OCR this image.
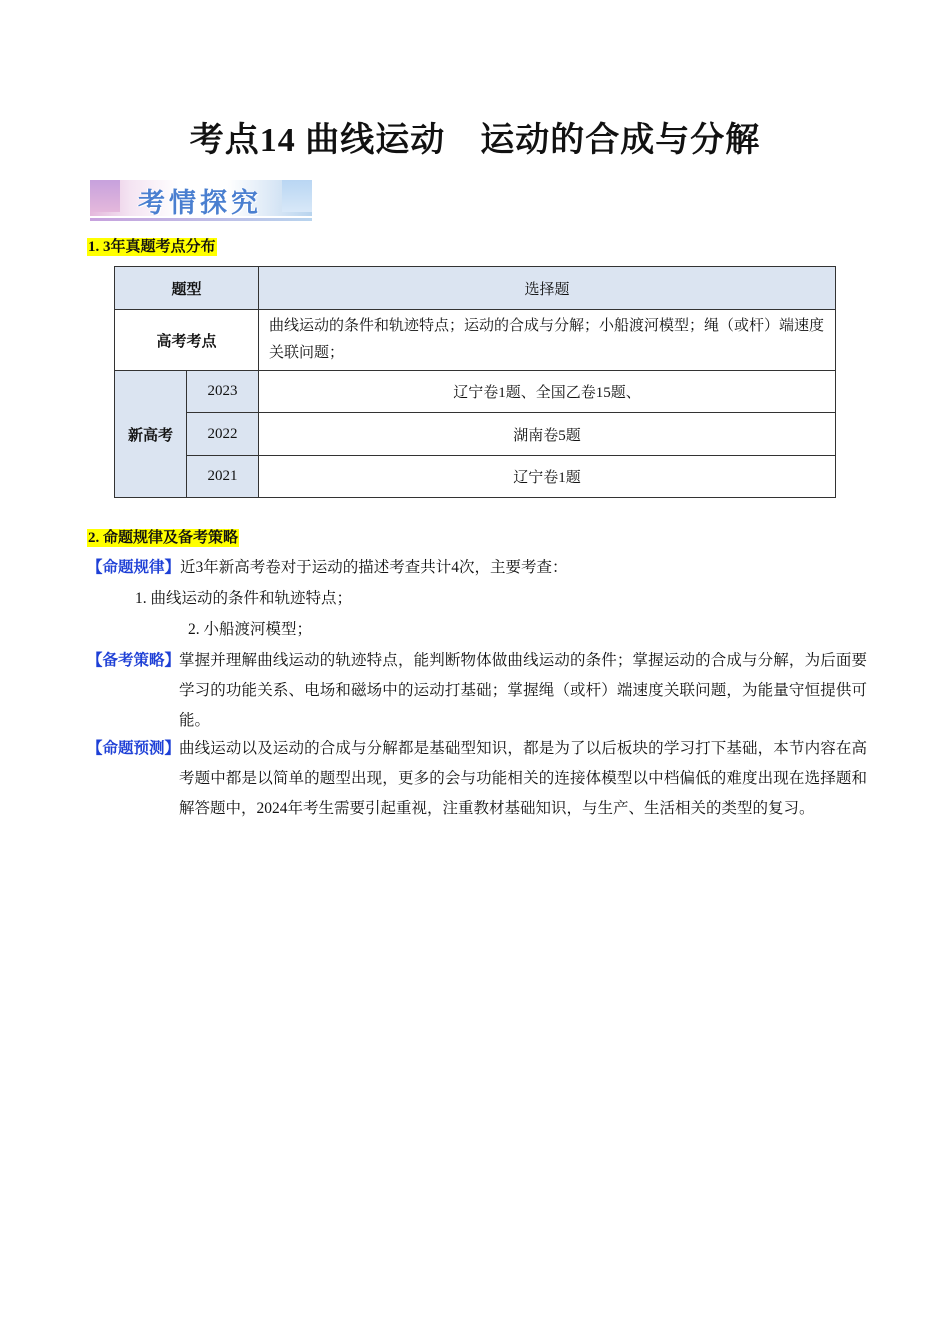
考点14 曲线运动　运动的合成与分解
考情探究
1. 3年真题考点分布
题型		选择题
高考考点		曲线运动的条件和轨迹特点；运动的合成与分解；小船渡河模型；绳（或杆）端速度关联问题；
新高考	2023	辽宁卷1题、全国乙卷15题、
	2022	湖南卷5题
	2021	辽宁卷1题
2. 命题规律及备考策略
【命题规律】近3年新高考卷对于运动的描述考查共计4次，主要考查：
1. 曲线运动的条件和轨迹特点；
2. 小船渡河模型；
【备考策略】
掌握并理解曲线运动的轨迹特点，能判断物体做曲线运动的条件；掌握运动的合成与分解，为后面要学习的功能关系、电场和磁场中的运动打基础；掌握绳（或杆）端速度关联问题，为能量守恒提供可能。
【命题预测】
曲线运动以及运动的合成与分解都是基础型知识，都是为了以后板块的学习打下基础，本节内容在高考题中都是以简单的题型出现，更多的会与功能相关的连接体模型以中档偏低的难度出现在选择题和解答题中，2024年考生需要引起重视，注重教材基础知识，与生产、生活相关的类型的复习。
